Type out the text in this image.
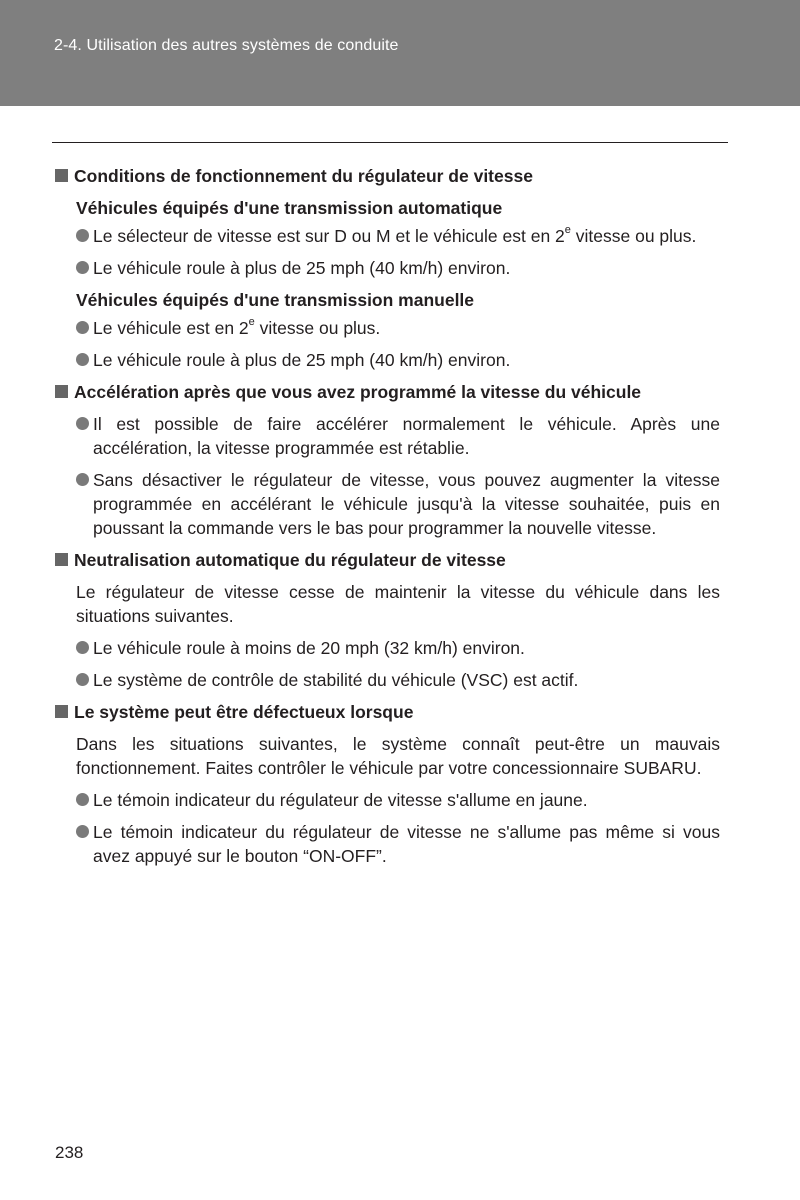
2-4. Utilisation des autres systèmes de conduite
Conditions de fonctionnement du régulateur de vitesse
Véhicules équipés d'une transmission automatique
Le sélecteur de vitesse est sur D ou M et le véhicule est en 2e vitesse ou plus.
Le véhicule roule à plus de 25 mph (40 km/h) environ.
Véhicules équipés d'une transmission manuelle
Le véhicule est en 2e vitesse ou plus.
Le véhicule roule à plus de 25 mph (40 km/h) environ.
Accélération après que vous avez programmé la vitesse du véhicule
Il est possible de faire accélérer normalement le véhicule. Après une accélération, la vitesse programmée est rétablie.
Sans désactiver le régulateur de vitesse, vous pouvez augmenter la vitesse programmée en accélérant le véhicule jusqu'à la vitesse souhaitée, puis en poussant la commande vers le bas pour programmer la nouvelle vitesse.
Neutralisation automatique du régulateur de vitesse
Le régulateur de vitesse cesse de maintenir la vitesse du véhicule dans les situations suivantes.
Le véhicule roule à moins de 20 mph (32 km/h) environ.
Le système de contrôle de stabilité du véhicule (VSC) est actif.
Le système peut être défectueux lorsque
Dans les situations suivantes, le système connaît peut-être un mauvais fonctionnement. Faites contrôler le véhicule par votre concessionnaire SUBARU.
Le témoin indicateur du régulateur de vitesse s'allume en jaune.
Le témoin indicateur du régulateur de vitesse ne s'allume pas même si vous avez appuyé sur le bouton “ON-OFF”.
238
